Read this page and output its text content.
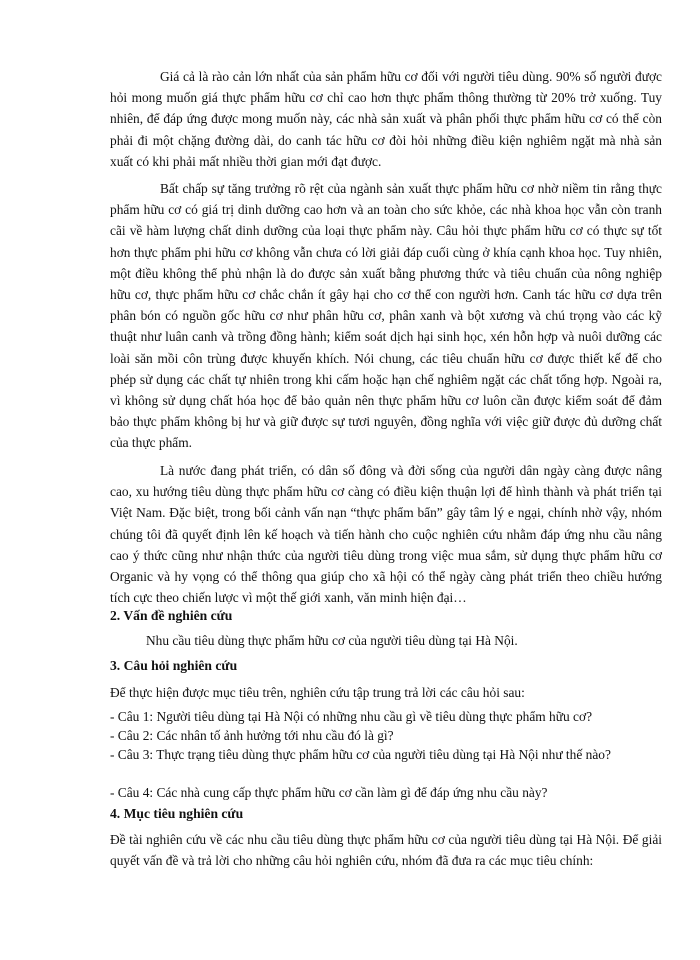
Giá cả là rào cản lớn nhất của sản phẩm hữu cơ đối với người tiêu dùng. 90% số người được hỏi mong muốn giá thực phẩm hữu cơ chỉ cao hơn thực phẩm thông thường từ 20% trở xuống. Tuy nhiên, để đáp ứng được mong muốn này, các nhà sản xuất và phân phối thực phẩm hữu cơ có thể còn phải đi một chặng đường dài, do canh tác hữu cơ đòi hỏi những điều kiện nghiêm ngặt mà nhà sản xuất có khi phải mất nhiều thời gian mới đạt được.

Bất chấp sự tăng trưởng rõ rệt của ngành sản xuất thực phẩm hữu cơ nhờ niềm tin rằng thực phẩm hữu cơ có giá trị dinh dưỡng cao hơn và an toàn cho sức khỏe, các nhà khoa học vẫn còn tranh cãi về hàm lượng chất dinh dưỡng của loại thực phẩm này. Câu hỏi thực phẩm hữu cơ có thực sự tốt hơn thực phẩm phi hữu cơ không vẫn chưa có lời giải đáp cuối cùng ở khía cạnh khoa học. Tuy nhiên, một điều không thể phủ nhận là do được sản xuất bằng phương thức và tiêu chuẩn của nông nghiệp hữu cơ, thực phẩm hữu cơ chắc chắn ít gây hại cho cơ thể con người hơn. Canh tác hữu cơ dựa trên phân bón có nguồn gốc hữu cơ như phân hữu cơ, phân xanh và bột xương và chú trọng vào các kỹ thuật như luân canh và trồng đồng hành; kiểm soát dịch hại sinh học, xén hỗn hợp và nuôi dưỡng các loài săn mồi côn trùng được khuyến khích. Nói chung, các tiêu chuẩn hữu cơ được thiết kế để cho phép sử dụng các chất tự nhiên trong khi cấm hoặc hạn chế nghiêm ngặt các chất tổng hợp. Ngoài ra, vì không sử dụng chất hóa học để bảo quản nên thực phẩm hữu cơ luôn cần được kiểm soát để đảm bảo thực phẩm không bị hư và giữ được sự tươi nguyên, đồng nghĩa với việc giữ được đủ dưỡng chất của thực phẩm.

Là nước đang phát triển, có dân số đông và đời sống của người dân ngày càng được nâng cao, xu hướng tiêu dùng thực phẩm hữu cơ càng có điều kiện thuận lợi để hình thành và phát triển tại Việt Nam. Đặc biệt, trong bối cảnh vấn nạn “thực phẩm bẩn” gây tâm lý e ngại, chính nhờ vậy, nhóm chúng tôi đã quyết định lên kế hoạch và tiến hành cho cuộc nghiên cứu nhằm đáp ứng nhu cầu nâng cao ý thức cũng như nhận thức của người tiêu dùng trong việc mua sắm, sử dụng thực phẩm hữu cơ Organic và hy vọng có thể thông qua giúp cho xã hội có thể ngày càng phát triển theo chiều hướng tích cực theo chiến lược vì một thế giới xanh, văn minh hiện đại…

2. Vấn đề nghiên cứu

Nhu cầu tiêu dùng thực phẩm hữu cơ của người tiêu dùng tại Hà Nội.

3. Câu hỏi nghiên cứu

Để thực hiện được mục tiêu trên, nghiên cứu tập trung trả lời các câu hỏi sau:

- Câu 1: Người tiêu dùng tại Hà Nội có những nhu cầu gì về tiêu dùng thực phẩm hữu cơ?

- Câu 2: Các nhân tố ảnh hưởng tới nhu cầu đó là gì?

- Câu 3: Thực trạng tiêu dùng thực phẩm hữu cơ của người tiêu dùng tại Hà Nội như thế nào?

- Câu 4: Các nhà cung cấp thực phẩm hữu cơ cần làm gì để đáp ứng nhu cầu này?

4. Mục tiêu nghiên cứu

Đề tài nghiên cứu về các nhu cầu tiêu dùng thực phẩm hữu cơ của người tiêu dùng tại Hà Nội. Để giải quyết vấn đề và trả lời cho những câu hỏi nghiên cứu, nhóm đã đưa ra các mục tiêu chính:
